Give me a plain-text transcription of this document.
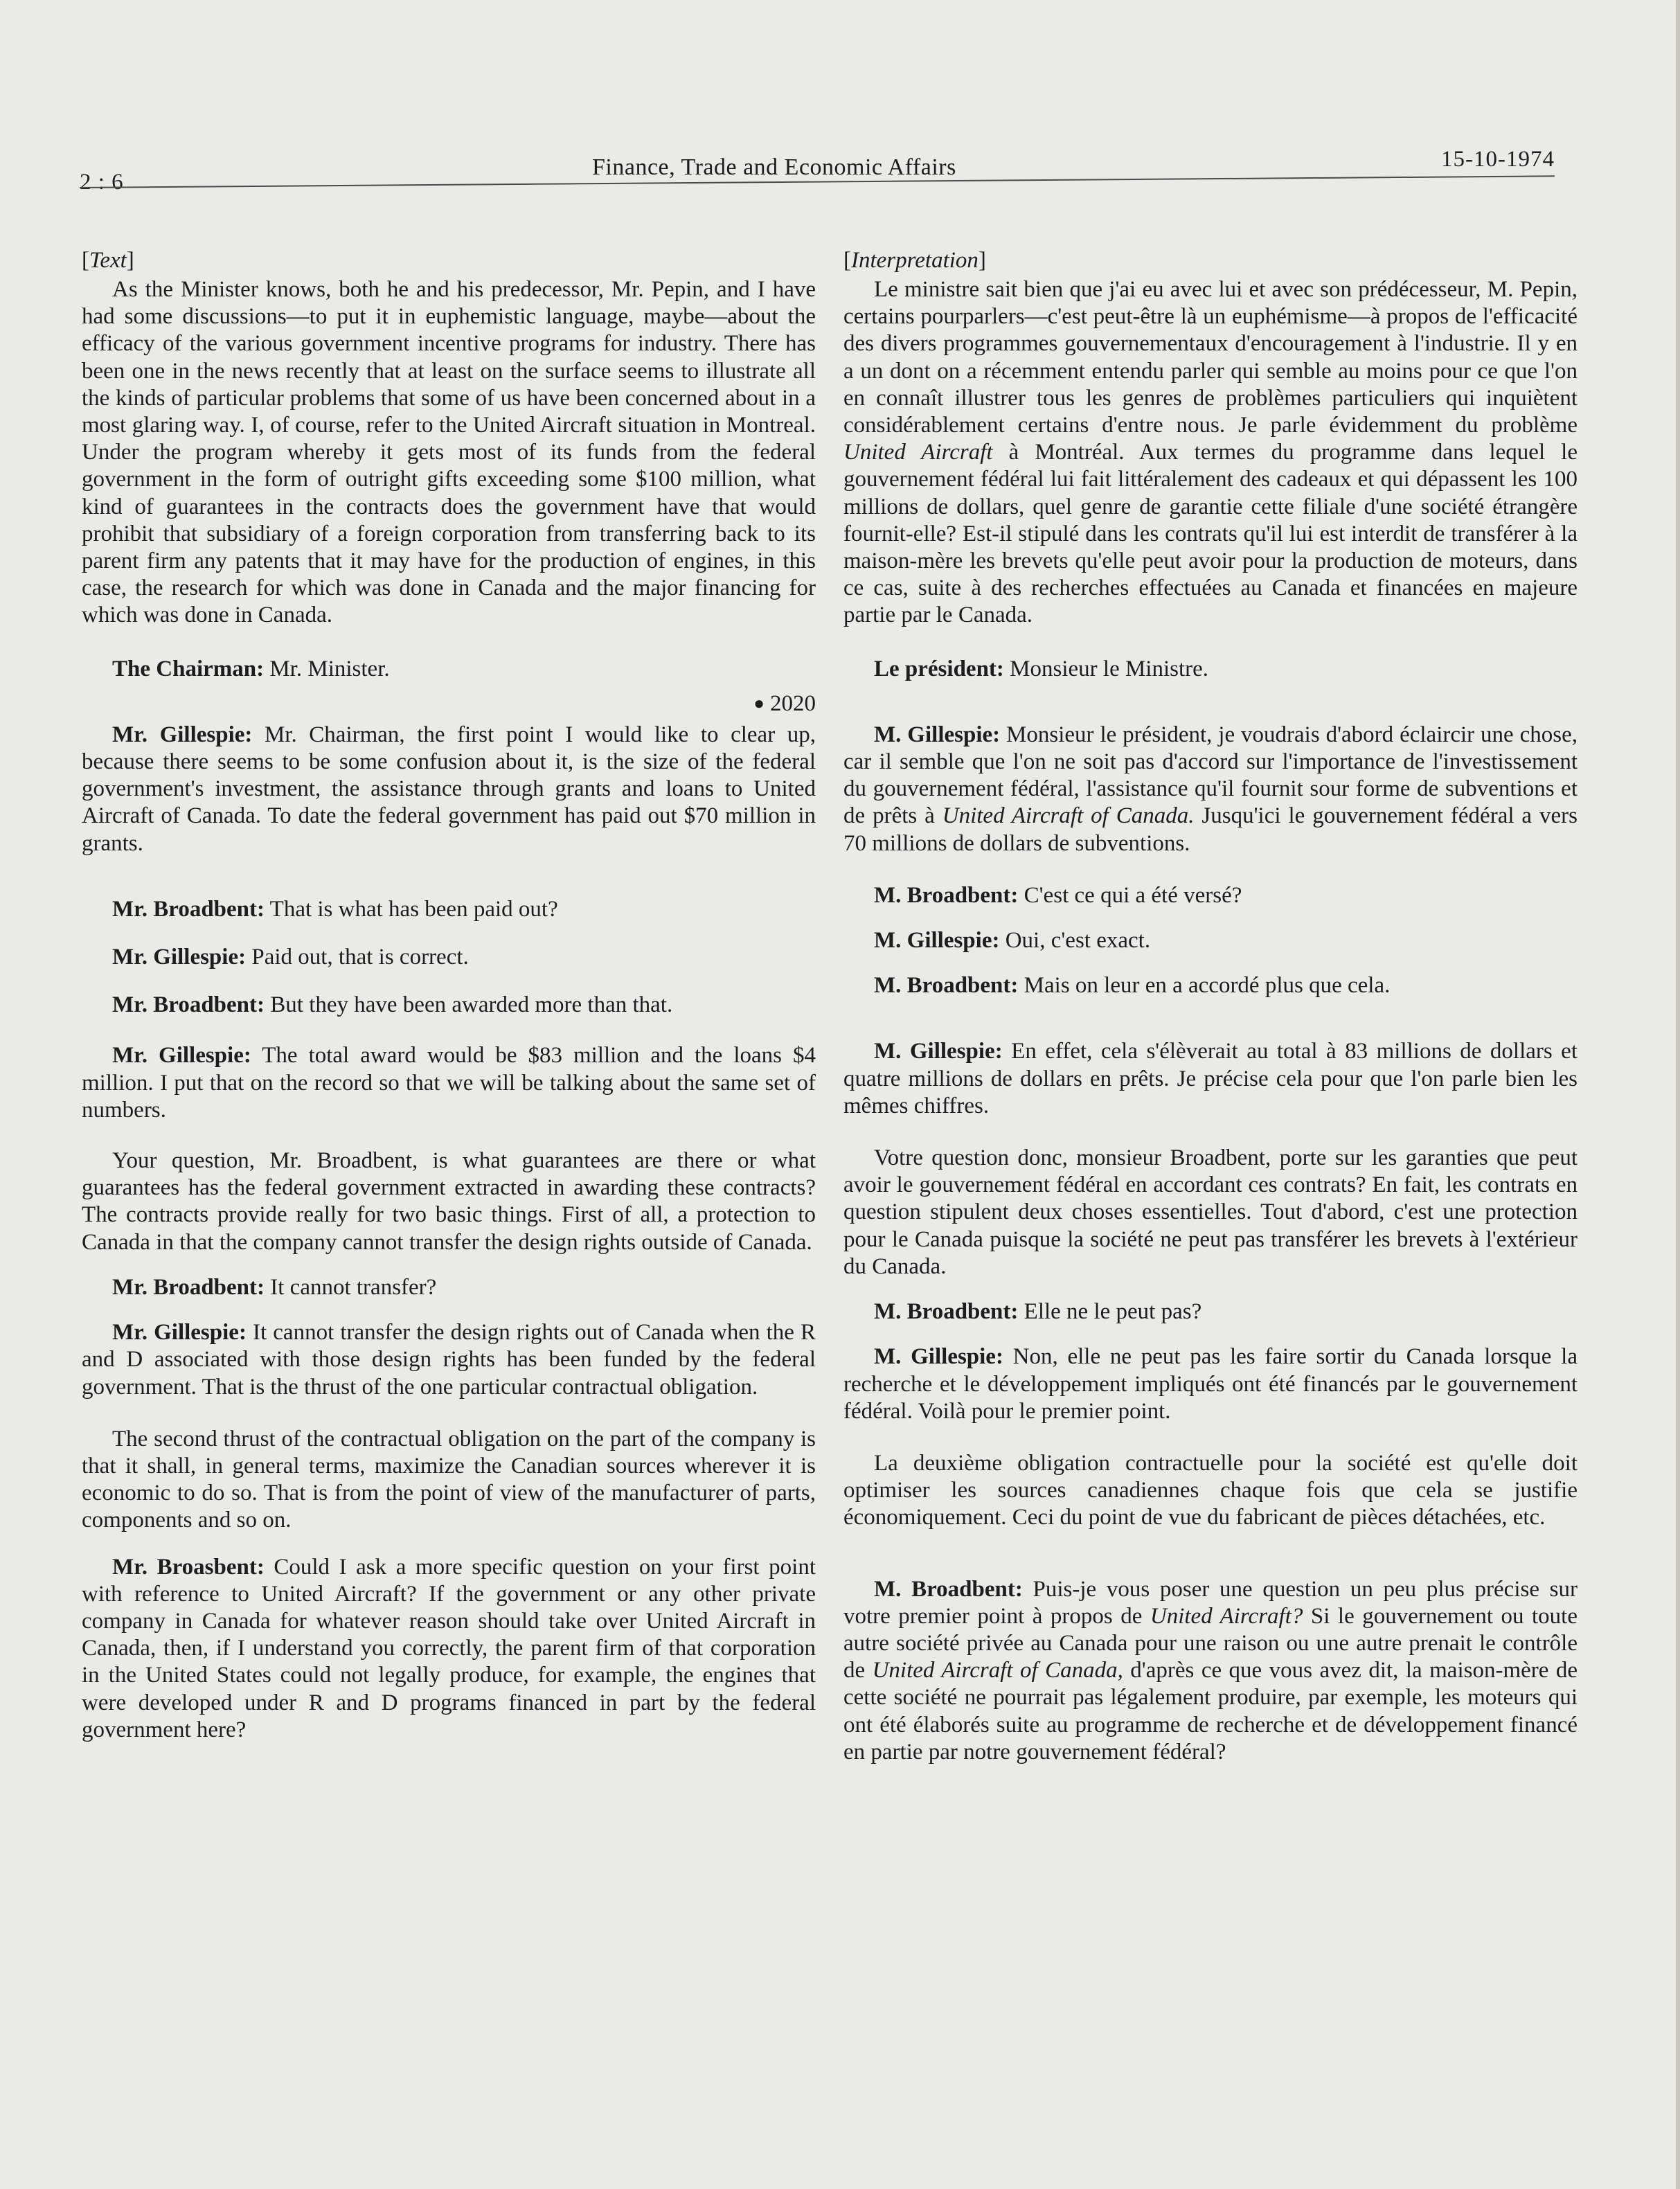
2 : 6
Finance, Trade and Economic Affairs	15-10-1974
[Text]

As the Minister knows, both he and his predecessor, Mr. Pepin, and I have had some discussions—to put it in euphemistic language, maybe—about the efficacy of the various government incentive programs for industry. There has been one in the news recently that at least on the surface seems to illustrate all the kinds of particular problems that some of us have been concerned about in a most glaring way. I, of course, refer to the United Aircraft situation in Montreal. Under the program whereby it gets most of its funds from the federal government in the form of outright gifts exceeding some $100 million, what kind of guarantees in the contracts does the government have that would prohibit that subsidiary of a foreign corporation from transferring back to its parent firm any patents that it may have for the production of engines, in this case, the research for which was done in Canada and the major financing for which was done in Canada.

The Chairman: Mr. Minister.

● 2020

Mr. Gillespie: Mr. Chairman, the first point I would like to clear up, because there seems to be some confusion about it, is the size of the federal government's investment, the assistance through grants and loans to United Aircraft of Canada. To date the federal government has paid out $70 million in grants.

Mr. Broadbent: That is what has been paid out?

Mr. Gillespie: Paid out, that is correct.

Mr. Broadbent: But they have been awarded more than that.

Mr. Gillespie: The total award would be $83 million and the loans $4 million. I put that on the record so that we will be talking about the same set of numbers.

Your question, Mr. Broadbent, is what guarantees are there or what guarantees has the federal government extracted in awarding these contracts? The contracts provide really for two basic things. First of all, a protection to Canada in that the company cannot transfer the design rights outside of Canada.

Mr. Broadbent: It cannot transfer?

Mr. Gillespie: It cannot transfer the design rights out of Canada when the R and D associated with those design rights has been funded by the federal government. That is the thrust of the one particular contractual obligation.

The second thrust of the contractual obligation on the part of the company is that it shall, in general terms, maximize the Canadian sources wherever it is economic to do so. That is from the point of view of the manufacturer of parts, components and so on.

Mr. Broasbent: Could I ask a more specific question on your first point with reference to United Aircraft? If the government or any other private company in Canada for whatever reason should take over United Aircraft in Canada, then, if I understand you correctly, the parent firm of that corporation in the United States could not legally produce, for example, the engines that were developed under R and D programs financed in part by the federal government here?

[Interpretation]

Le ministre sait bien que j'ai eu avec lui et avec son prédécesseur, M. Pepin, certains pourparlers—c'est peut-être là un euphémisme—à propos de l'efficacité des divers programmes gouvernementaux d'encouragement à l'industrie. Il y en a un dont on a récemment entendu parler qui semble au moins pour ce que l'on en connaît illustrer tous les genres de problèmes particuliers qui inquiètent considérablement certains d'entre nous. Je parle évidemment du problème United Aircraft à Montréal. Aux termes du programme dans lequel le gouvernement fédéral lui fait littéralement des cadeaux et qui dépassent les 100 millions de dollars, quel genre de garantie cette filiale d'une société étrangère fournit-elle? Est-il stipulé dans les contrats qu'il lui est interdit de transférer à la maison-mère les brevets qu'elle peut avoir pour la production de moteurs, dans ce cas, suite à des recherches effectuées au Canada et financées en majeure partie par le Canada.

Le président: Monsieur le Ministre.

M. Gillespie: Monsieur le président, je voudrais d'abord éclaircir une chose, car il semble que l'on ne soit pas d'accord sur l'importance de l'investissement du gouvernement fédéral, l'assistance qu'il fournit sour forme de subventions et de prêts à United Aircraft of Canada. Jusqu'ici le gouvernement fédéral a vers 70 millions de dollars de subventions.

M. Broadbent: C'est ce qui a été versé?

M. Gillespie: Oui, c'est exact.

M. Broadbent: Mais on leur en a accordé plus que cela.

M. Gillespie: En effet, cela s'élèverait au total à 83 millions de dollars et quatre millions de dollars en prêts. Je précise cela pour que l'on parle bien les mêmes chiffres.

Votre question donc, monsieur Broadbent, porte sur les garanties que peut avoir le gouvernement fédéral en accordant ces contrats? En fait, les contrats en question stipulent deux choses essentielles. Tout d'abord, c'est une protection pour le Canada puisque la société ne peut pas transférer les brevets à l'extérieur du Canada.

M. Broadbent: Elle ne le peut pas?

M. Gillespie: Non, elle ne peut pas les faire sortir du Canada lorsque la recherche et le développement impliqués ont été financés par le gouvernement fédéral. Voilà pour le premier point.

La deuxième obligation contractuelle pour la société est qu'elle doit optimiser les sources canadiennes chaque fois que cela se justifie économiquement. Ceci du point de vue du fabricant de pièces détachées, etc.

M. Broadbent: Puis-je vous poser une question un peu plus précise sur votre premier point à propos de United Aircraft? Si le gouvernement ou toute autre société privée au Canada pour une raison ou une autre prenait le contrôle de United Aircraft of Canada, d'après ce que vous avez dit, la maison-mère de cette société ne pourrait pas légalement produire, par exemple, les moteurs qui ont été élaborés suite au programme de recherche et de développement financé en partie par notre gouvernement fédéral?
